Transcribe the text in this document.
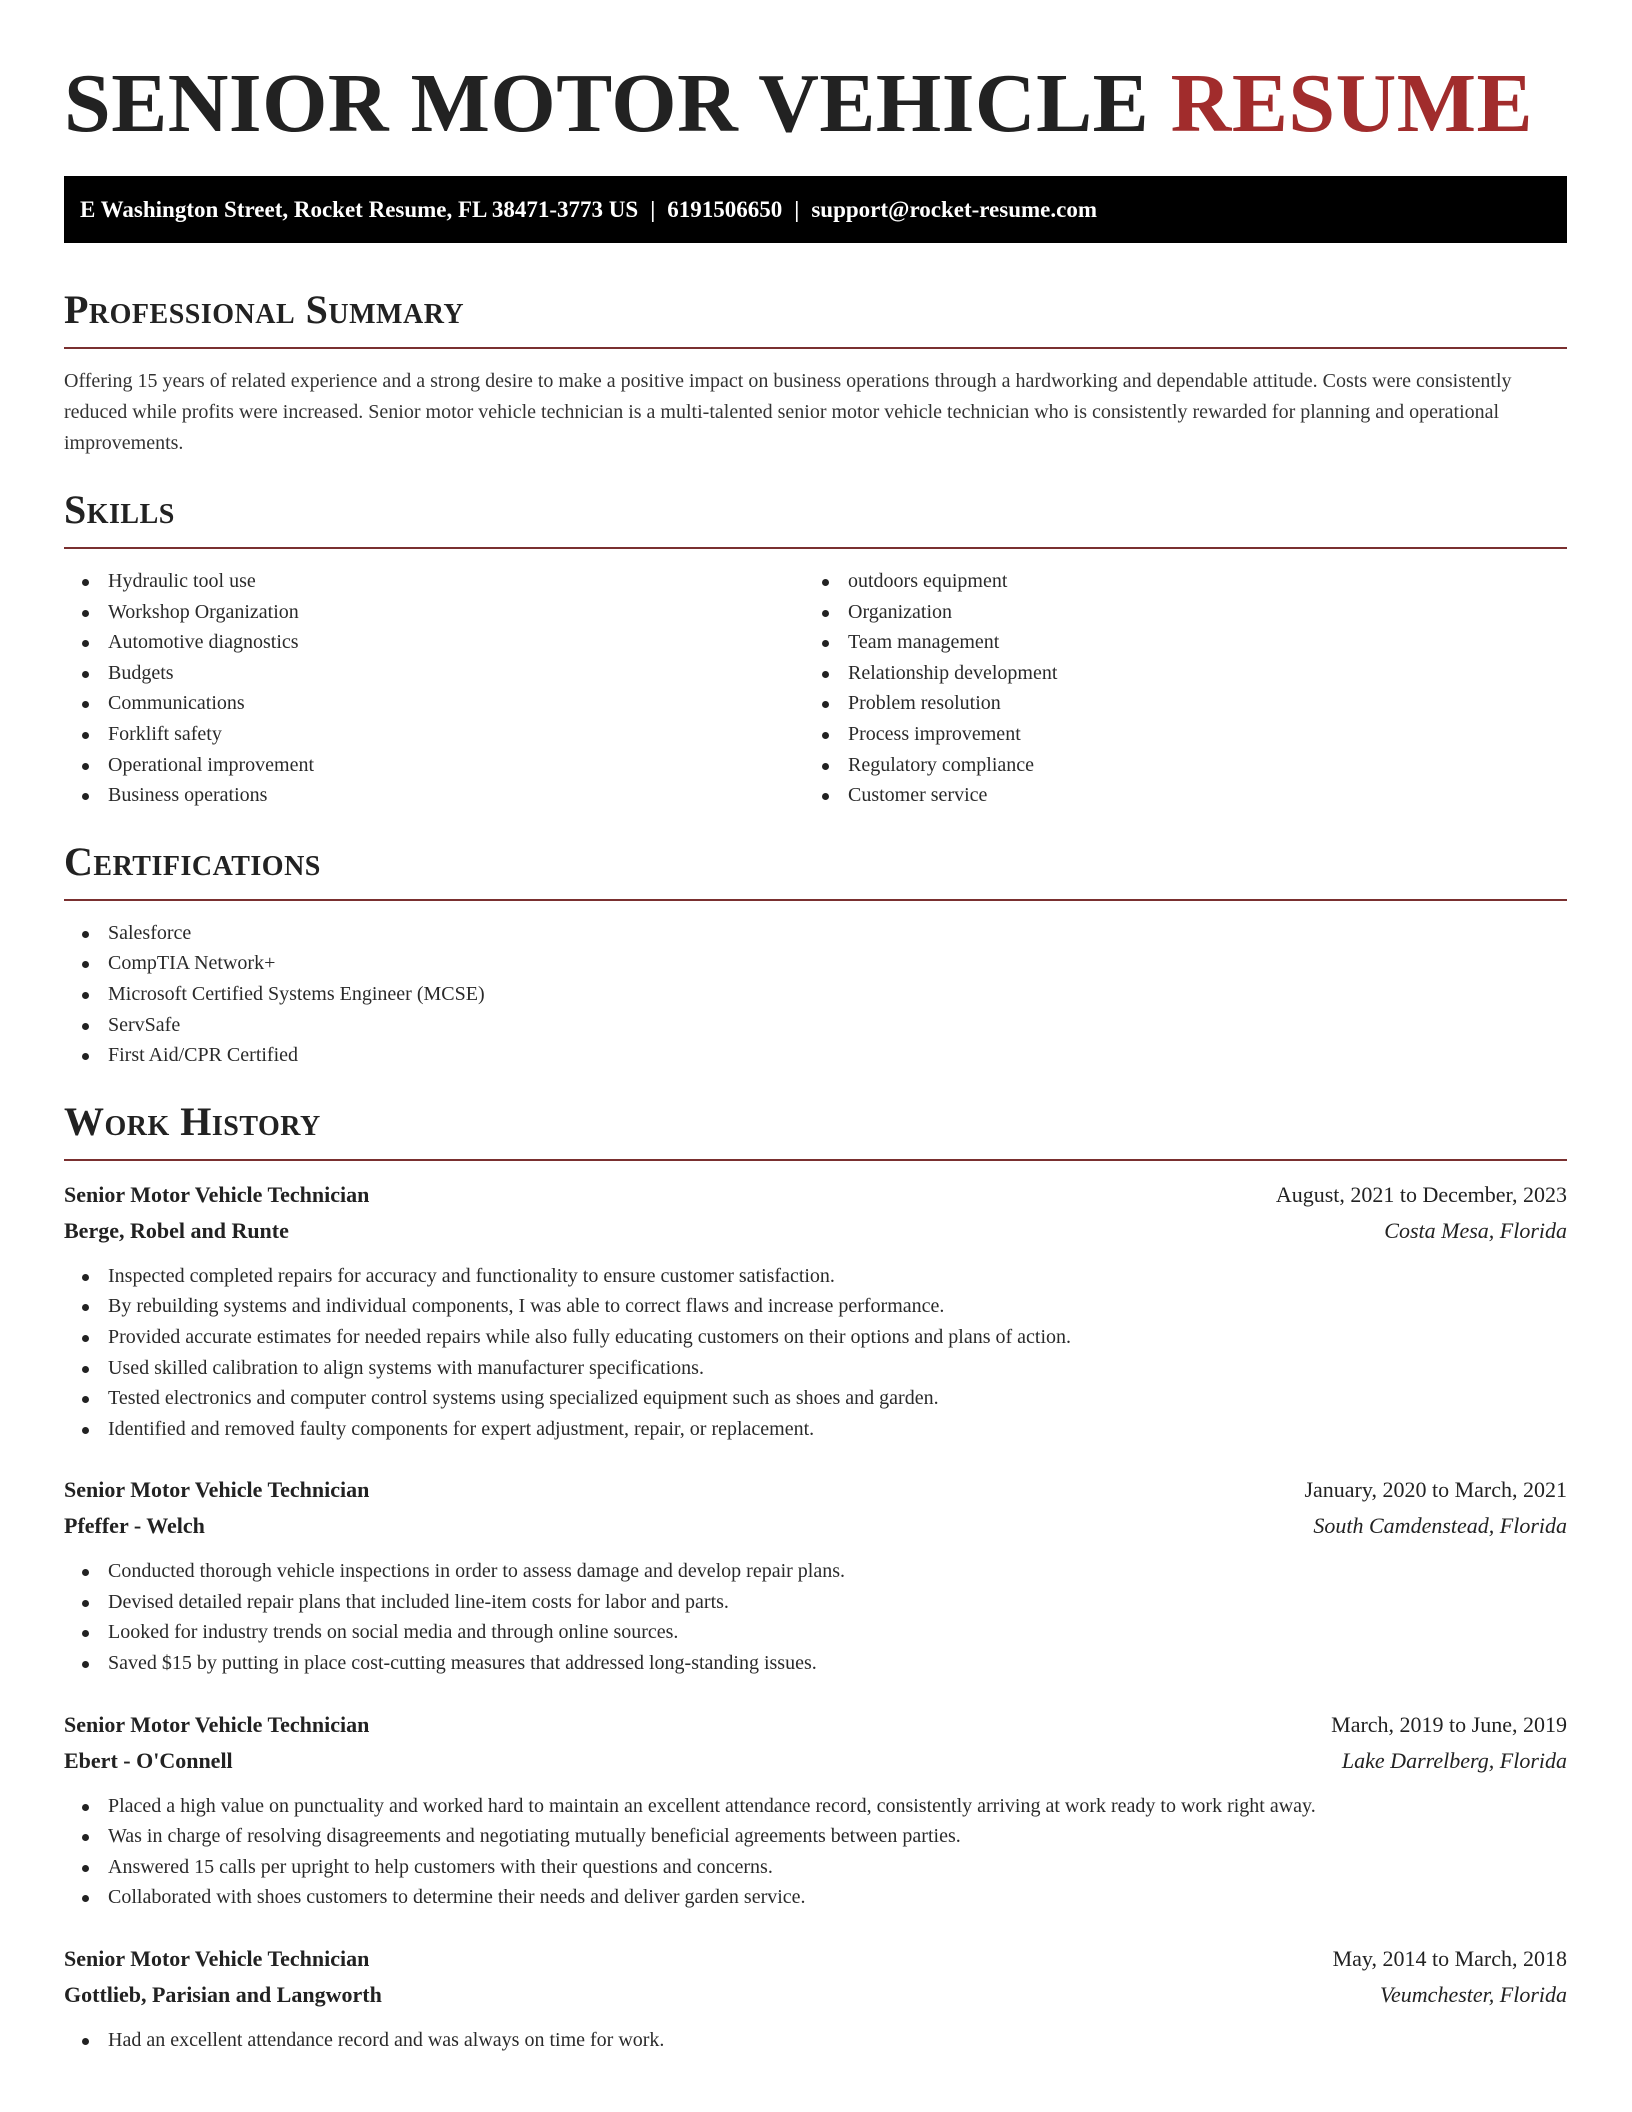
SENIOR MOTOR VEHICLE RESUME
E Washington Street, Rocket Resume, FL 38471-3773 US | 6191506650 | support@rocket-resume.com
Professional Summary

Offering 15 years of related experience and a strong desire to make a positive impact on business operations through a hardworking and dependable attitude. Costs were consistently reduced while profits were increased. Senior motor vehicle technician is a multi-talented senior motor vehicle technician who is consistently rewarded for planning and operational improvements.

Skills
Hydraulic tool use
Workshop Organization
Automotive diagnostics
Budgets
Communications
Forklift safety
Operational improvement
Business operations
outdoors equipment
Organization
Team management
Relationship development
Problem resolution
Process improvement
Regulatory compliance
Customer service
Certifications
Salesforce
CompTIA Network+
Microsoft Certified Systems Engineer (MCSE)
ServSafe
First Aid/CPR Certified
Work History
Senior Motor Vehicle Technician	August, 2021 to December, 2023
Berge, Robel and Runte	Costa Mesa, Florida
Inspected completed repairs for accuracy and functionality to ensure customer satisfaction.
By rebuilding systems and individual components, I was able to correct flaws and increase performance.
Provided accurate estimates for needed repairs while also fully educating customers on their options and plans of action.
Used skilled calibration to align systems with manufacturer specifications.
Tested electronics and computer control systems using specialized equipment such as shoes and garden.
Identified and removed faulty components for expert adjustment, repair, or replacement.
Senior Motor Vehicle Technician	January, 2020 to March, 2021
Pfeffer - Welch	South Camdenstead, Florida
Conducted thorough vehicle inspections in order to assess damage and develop repair plans.
Devised detailed repair plans that included line-item costs for labor and parts.
Looked for industry trends on social media and through online sources.
Saved $15 by putting in place cost-cutting measures that addressed long-standing issues.
Senior Motor Vehicle Technician	March, 2019 to June, 2019
Ebert - O'Connell	Lake Darrelberg, Florida
Placed a high value on punctuality and worked hard to maintain an excellent attendance record, consistently arriving at work ready to work right away.
Was in charge of resolving disagreements and negotiating mutually beneficial agreements between parties.
Answered 15 calls per upright to help customers with their questions and concerns.
Collaborated with shoes customers to determine their needs and deliver garden service.
Senior Motor Vehicle Technician	May, 2014 to March, 2018
Gottlieb, Parisian and Langworth	Veumchester, Florida
Had an excellent attendance record and was always on time for work.
